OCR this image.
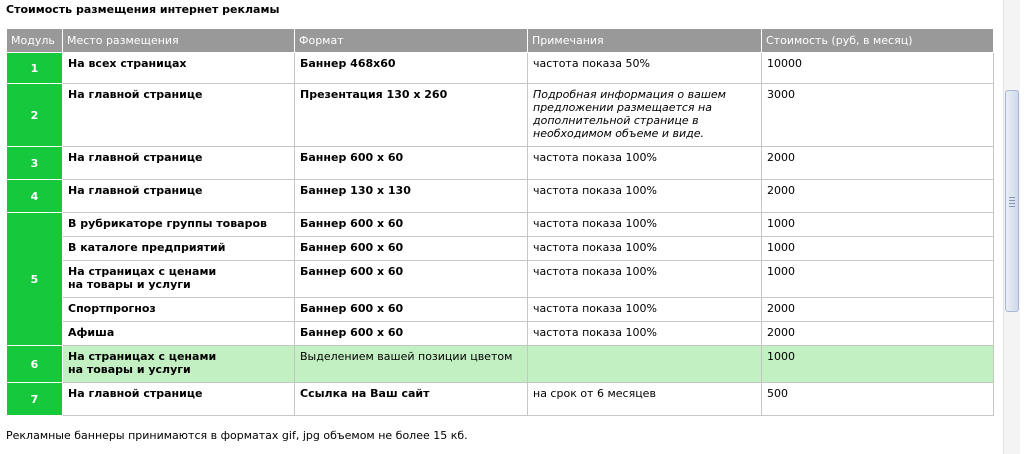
Стоимость размещения интернет рекламы
Модуль	Место размещения	Формат	Примечания	Стоимость (руб, в месяц)
1	На всех страницах	Баннер 468x60	частота показа 50%	10000
2	На главной странице	Презентация 130 х 260	Подробная информация о вашем предложении размещается на дополнительной странице в необходимом объеме и виде.	3000
3	На главной странице	Баннер 600 х 60	частота показа 100%	2000
4	На главной странице	Баннер 130 х 130	частота показа 100%	2000
5	В рубрикаторе группы товаров	Баннер 600 х 60	частота показа 100%	1000
	В каталоге предприятий	Баннер 600 х 60	частота показа 100%	1000
	На страницах с ценами
на товары и услуги	Баннер 600 х 60	частота показа 100%	1000
	Спортпрогноз	Баннер 600 х 60	частота показа 100%	2000
	Афиша	Баннер 600 х 60	частота показа 100%	2000
6	На страницах с ценами
на товары и услуги	Выделением вашей позиции цветом		1000
7	На главной странице	Ссылка на Ваш сайт	на срок от 6 месяцев	500
Рекламные баннеры принимаются в форматах gif, jpg объемом не более 15 кб.
